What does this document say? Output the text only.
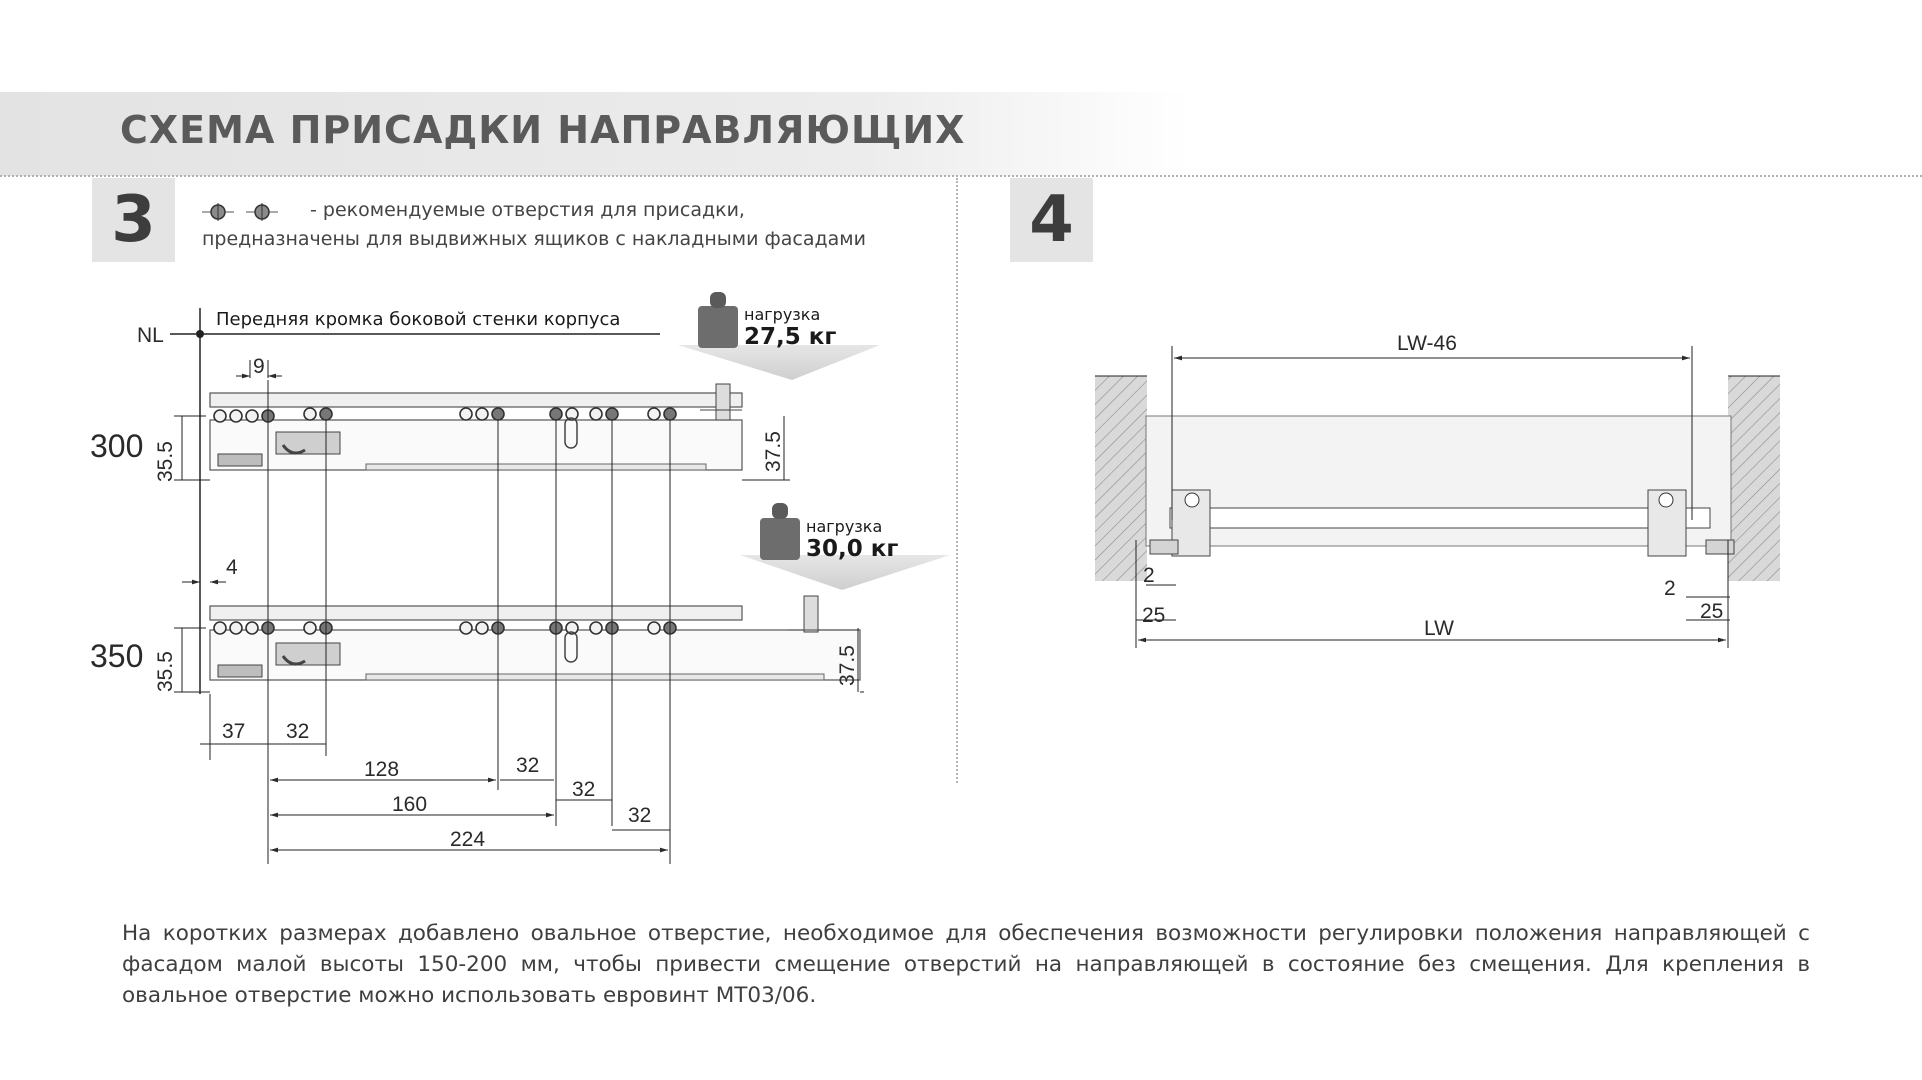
СХЕМА ПРИСАДКИ НАПРАВЛЯЮЩИХ
3	4
- рекомендуемые отверстия для присадки,
предназначены для выдвижных ящиков с накладными фасадами
NL
Передняя кромка боковой стенки корпуса	нагрузка
27,5 кг
нагрузка
30,0 кг
9
300
350
35.5	37.5
35.5	37.5
4
37 32
128	32
160
32
224
32
LW-46
LW
2
25
2
25
На коротких размерах добавлено овальное отверстие, необходимое для обеспечения возможности регулировки положения направляющей с фасадом малой высоты 150-200 мм, чтобы привести смещение отверстий на направляющей в состояние без смещения. Для крепления в овальное отверстие можно использовать евровинт МТ03/06.
